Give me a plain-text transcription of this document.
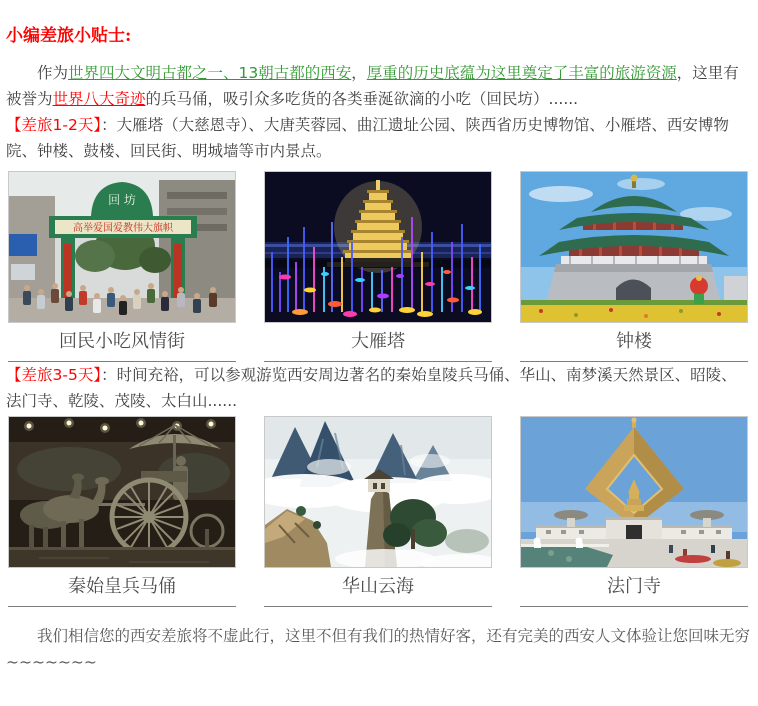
小编差旅小贴士:

作为世界四大文明古都之一、13朝古都的西安，厚重的历史底蕴为这里奠定了丰富的旅游资源，这里有被誉为世界八大奇迹的兵马俑，吸引众多吃货的各类垂涎欲滴的小吃（回民坊）......

【差旅1-2天】：大雁塔（大慈恩寺）、大唐芙蓉园、曲江遗址公园、陕西省历史博物馆、小雁塔、西安博物院、钟楼、鼓楼、回民街、明城墙等市内景点。

回 坊
高举爱国爱教伟大旗帜
回民小吃风情街	大雁塔	钟楼

【差旅3-5天】：时间充裕，可以参观游览西安周边著名的秦始皇陵兵马俑、华山、南梦溪天然景区、昭陵、法门寺、乾陵、茂陵、太白山......

秦始皇兵马俑	华山云海	法门寺

我们相信您的西安差旅将不虚此行，这里不但有我们的热情好客，还有完美的西安人文体验让您回味无穷~~~~~~~
